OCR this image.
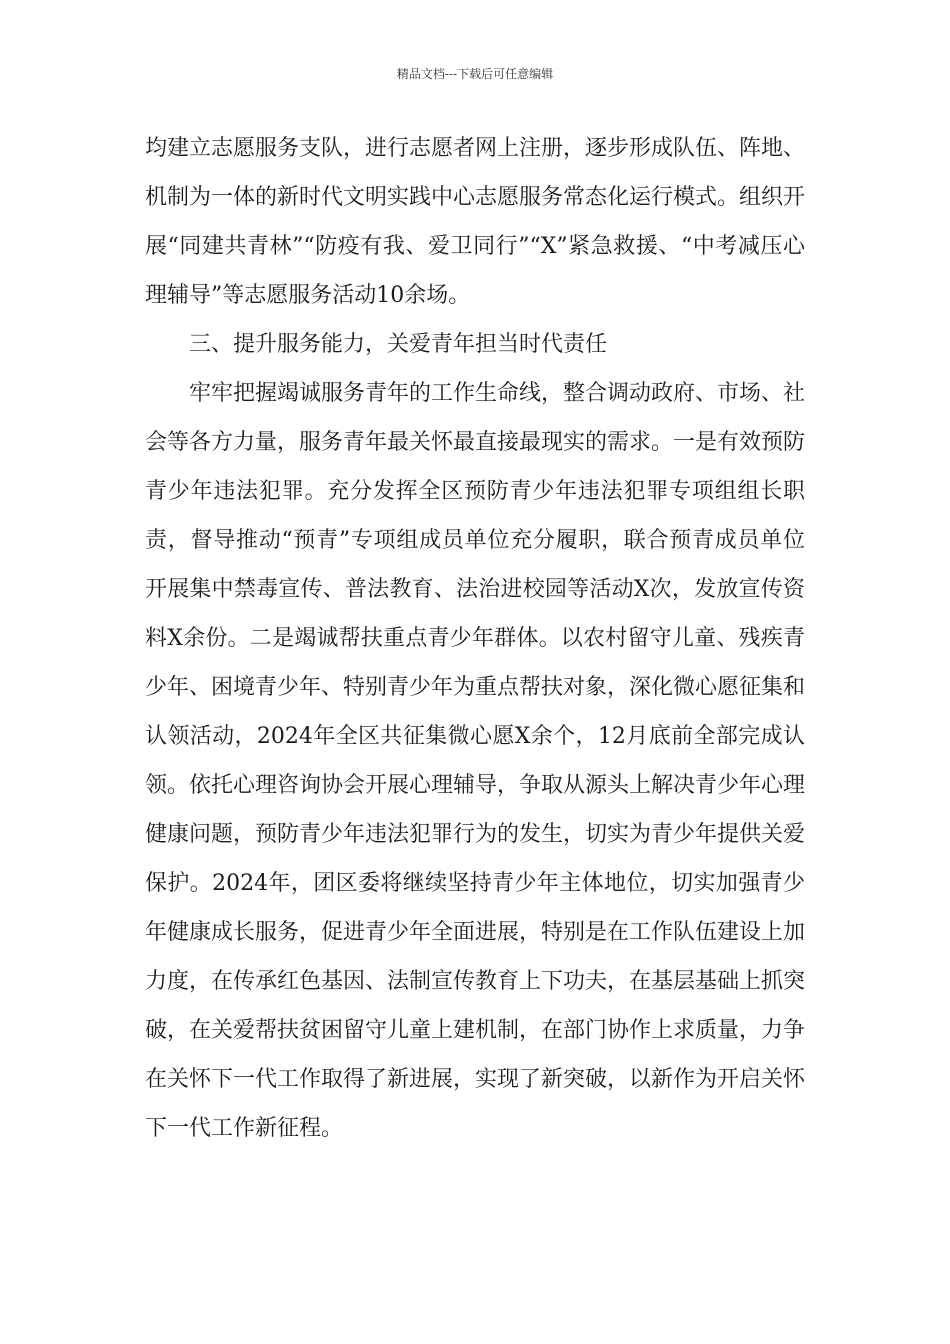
精品文档---下载后可任意编辑

均建立志愿服务支队，进行志愿者网上注册，逐步形成队伍、阵地、机制为一体的新时代文明实践中心志愿服务常态化运行模式。组织开展“同建共青林”“防疫有我、爱卫同行”“X”紧急救援、“中考减压心理辅导”等志愿服务活动10余场。

三、提升服务能力，关爱青年担当时代责任

牢牢把握竭诚服务青年的工作生命线，整合调动政府、市场、社会等各方力量，服务青年最关怀最直接最现实的需求。一是有效预防青少年违法犯罪。充分发挥全区预防青少年违法犯罪专项组组长职责，督导推动“预青”专项组成员单位充分履职，联合预青成员单位开展集中禁毒宣传、普法教育、法治进校园等活动X次，发放宣传资料X余份。二是竭诚帮扶重点青少年群体。以农村留守儿童、残疾青少年、困境青少年、特别青少年为重点帮扶对象，深化微心愿征集和认领活动，2024年全区共征集微心愿X余个，12月底前全部完成认领。依托心理咨询协会开展心理辅导，争取从源头上解决青少年心理健康问题，预防青少年违法犯罪行为的发生，切实为青少年提供关爱保护。2024年，团区委将继续坚持青少年主体地位，切实加强青少年健康成长服务，促进青少年全面进展，特别是在工作队伍建设上加力度，在传承红色基因、法制宣传教育上下功夫，在基层基础上抓突破，在关爱帮扶贫困留守儿童上建机制，在部门协作上求质量，力争在关怀下一代工作取得了新进展，实现了新突破，以新作为开启关怀下一代工作新征程。
